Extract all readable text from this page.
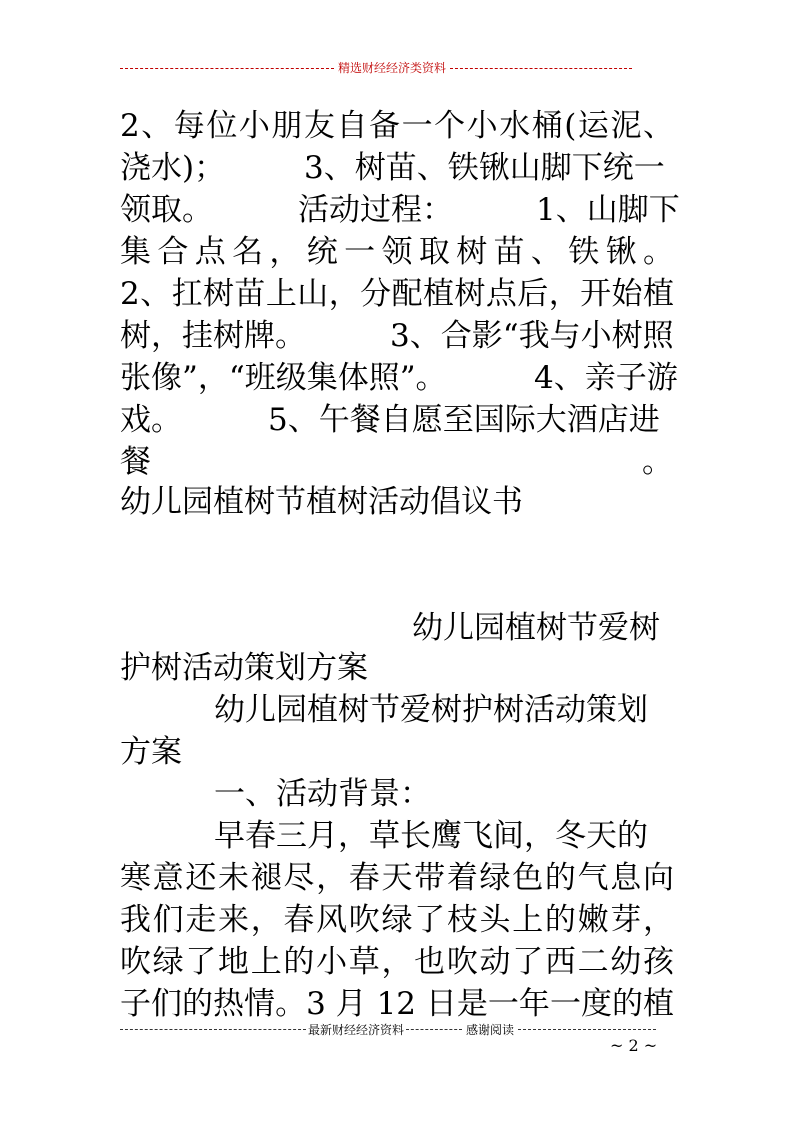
精选财经经济类资料
2、每位小朋友自备一个小水桶(运泥、
浇水)；	3、树苗、铁锹山脚下统一
领取。	活动过程：	1、山脚下
集合点名，统一领取树苗、铁锹。
2、扛树苗上山，分配植树点后，开始植
树，挂树牌。	3、合影“我与小树照
张像”，“班级集体照”。	4、亲子游
戏。	5、午餐自愿至国际大酒店进
餐	。
幼儿园植树节植树活动倡议书
幼儿园植树节爱树
护树活动策划方案
幼儿园植树节爱树护树活动策划
方案
一、活动背景：
早春三月，草长鹰飞间，冬天的
寒意还未褪尽，春天带着绿色的气息向
我们走来，春风吹绿了枝头上的嫩芽，
吹绿了地上的小草，也吹动了西二幼孩
子们的热情。3 月 12 日是一年一度的植
最新财经经济资料	感谢阅读
~ 2 ~
